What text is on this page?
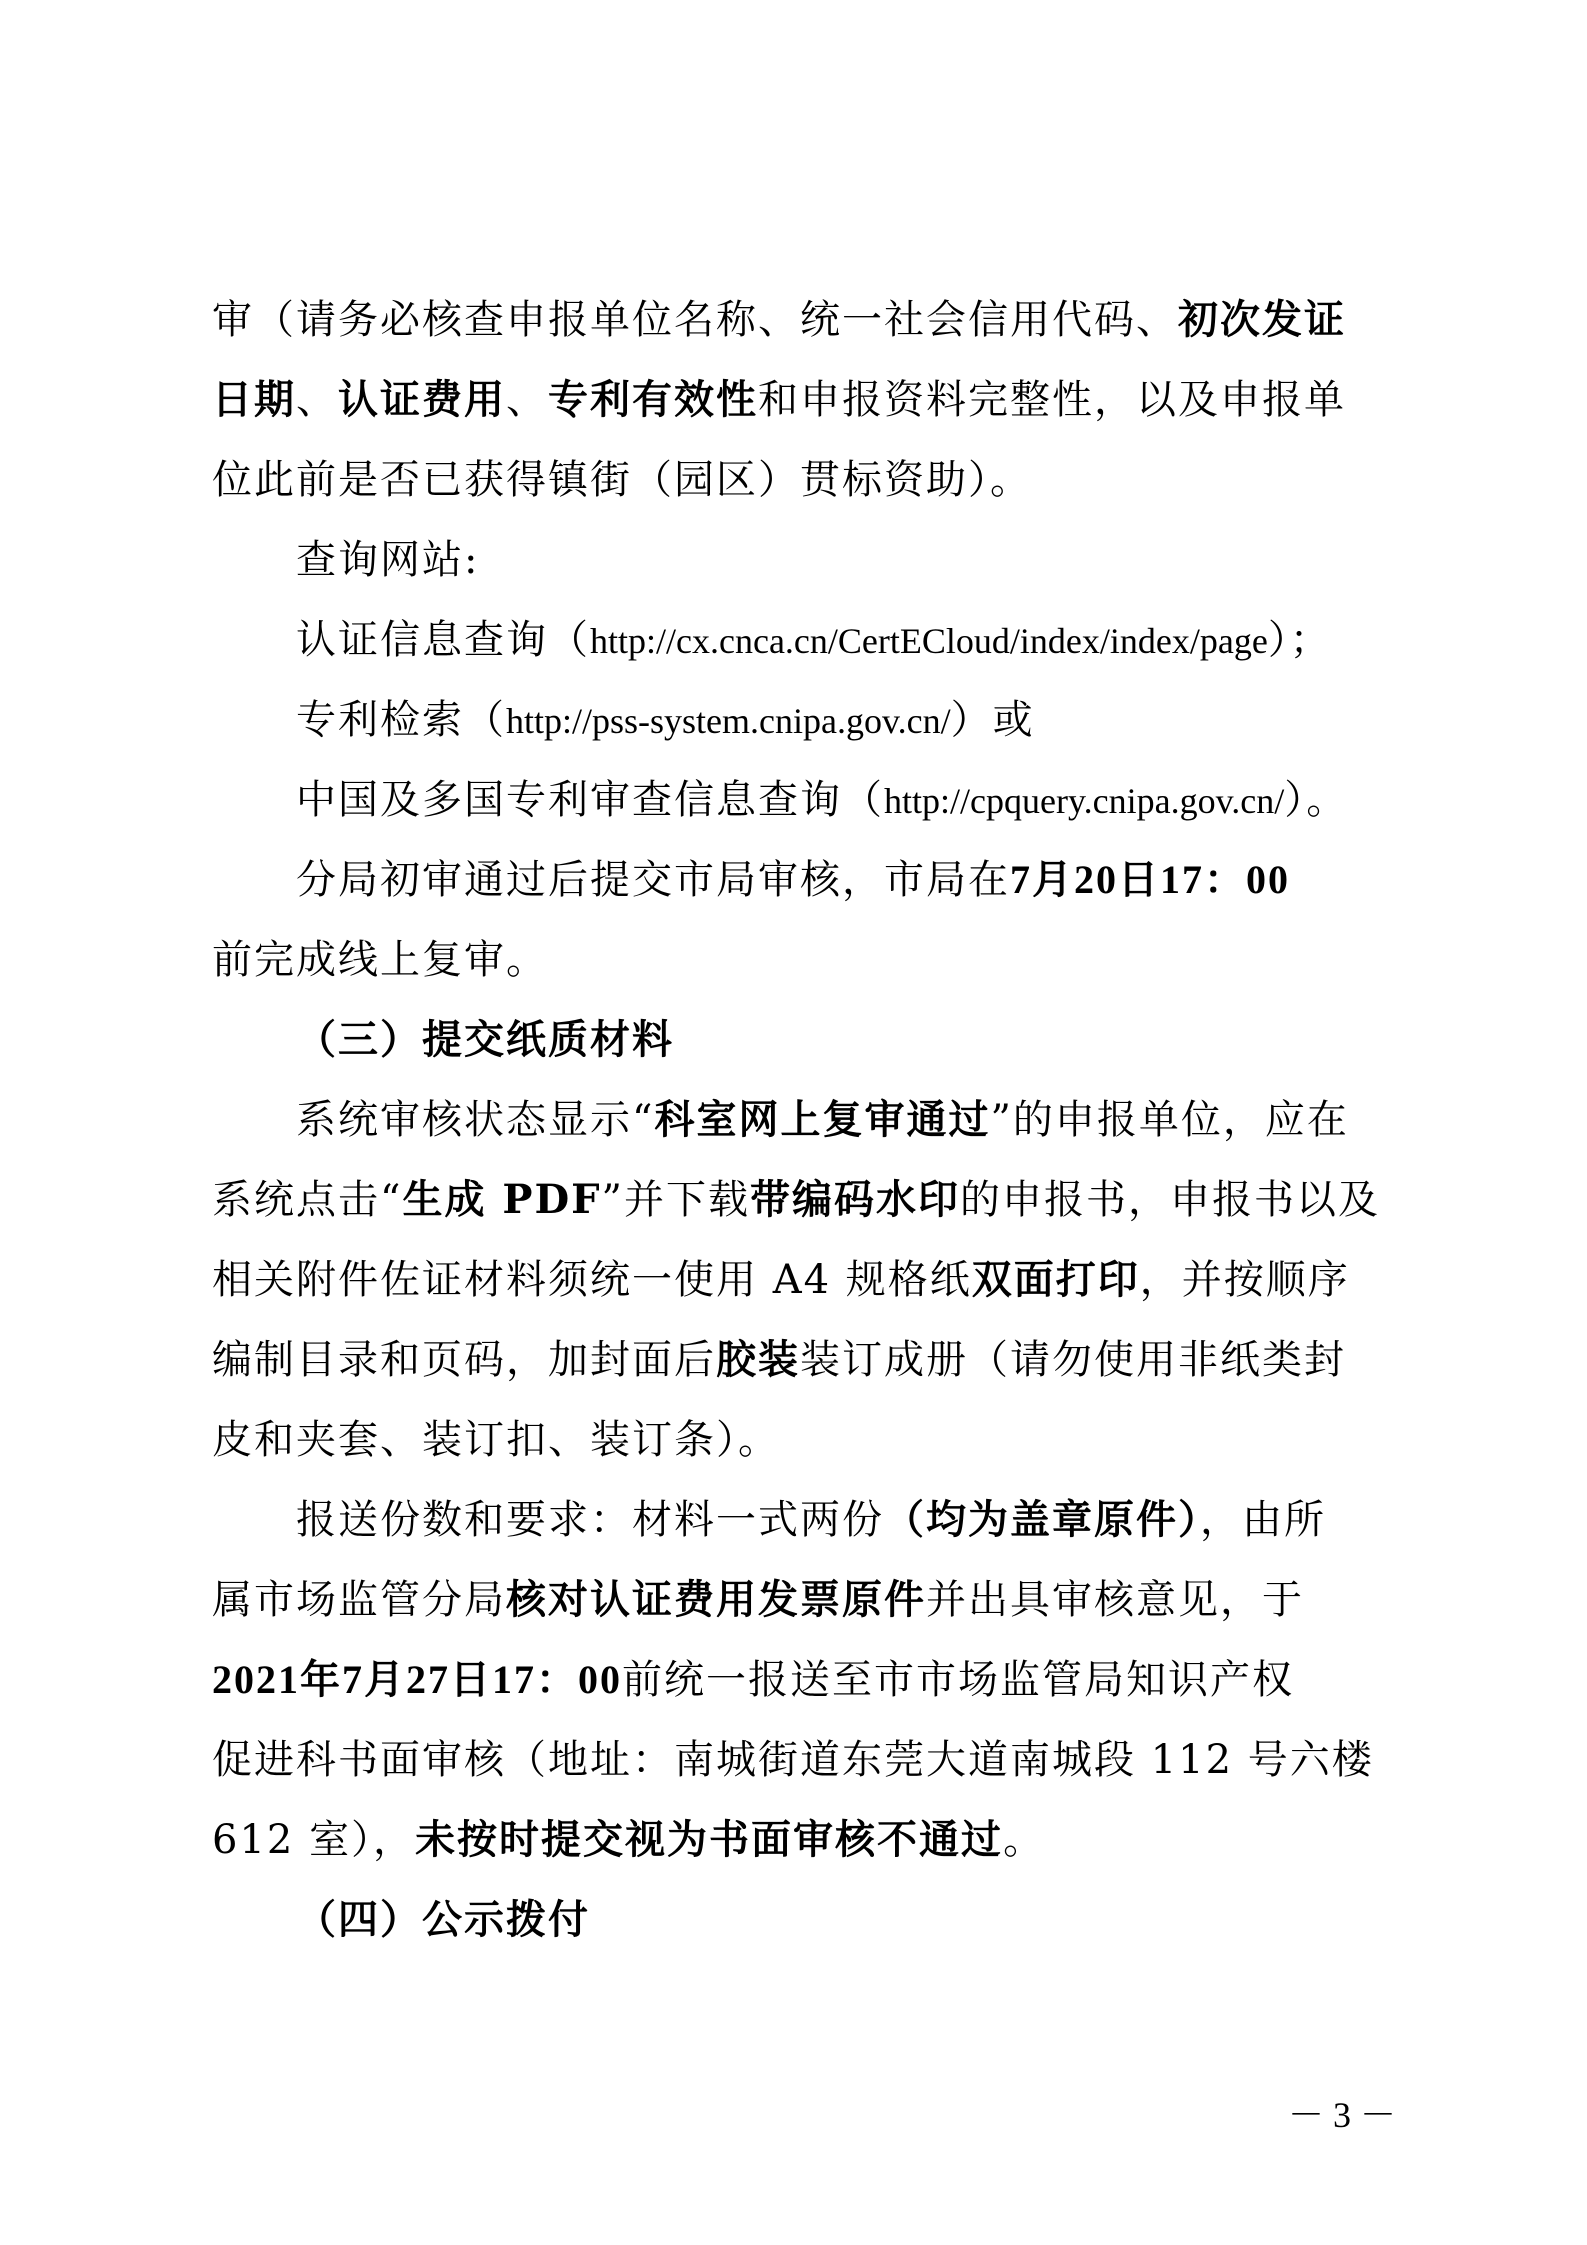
审（请务必核查申报单位名称、统一社会信用代码、初次发证
日期、认证费用、专利有效性和申报资料完整性，以及申报单
位此前是否已获得镇街（园区）贯标资助）。
查询网站:
认证信息查询（http://cx.cnca.cn/CertECloud/index/index/page）；
专利检索（http://pss-system.cnipa.gov.cn/）或
中国及多国专利审查信息查询（http://cpquery.cnipa.gov.cn/）。
分局初审通过后提交市局审核，市局在7月20日17：00
前完成线上复审。
（三）提交纸质材料
系统审核状态显示“科室网上复审通过”的申报单位，应在
系统点击“生成 PDF”并下载带编码水印的申报书，申报书以及
相关附件佐证材料须统一使用 A4 规格纸双面打印，并按顺序
编制目录和页码，加封面后胶装装订成册（请勿使用非纸类封
皮和夹套、装订扣、装订条）。
报送份数和要求：材料一式两份（均为盖章原件），由所
属市场监管分局核对认证费用发票原件并出具审核意见，于
2021年7月27日17：00前统一报送至市市场监管局知识产权
促进科书面审核（地址：南城街道东莞大道南城段 112 号六楼
612 室），未按时提交视为书面审核不通过。
（四）公示拨付
－ 3 －
